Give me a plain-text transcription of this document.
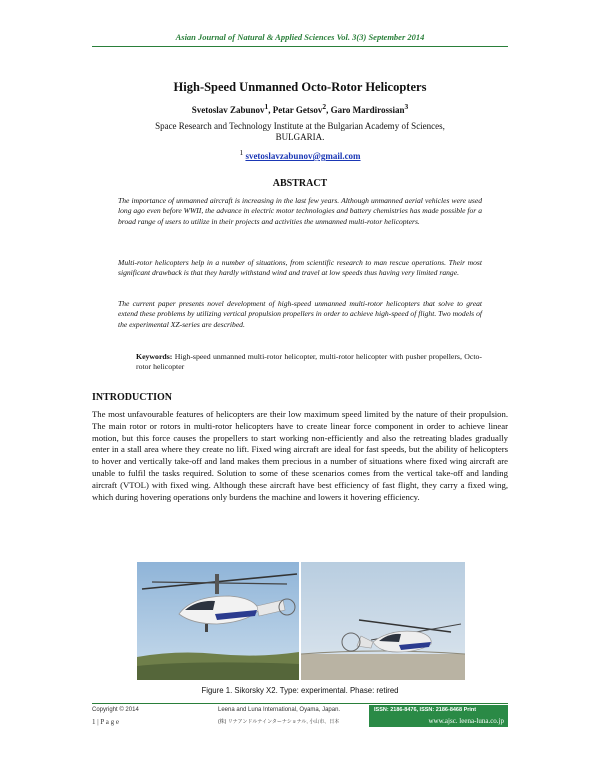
Asian Journal of Natural & Applied Sciences Vol. 3(3) September 2014
High-Speed Unmanned Octo-Rotor Helicopters
Svetoslav Zabunov$^1$, Petar Getsov$^2$, Garo Mardirossian$^3$
Space Research and Technology Institute at the Bulgarian Academy of Sciences,
BULGARIA.
$^1$ svetoslavzabunov@gmail.com
ABSTRACT

The importance of unmanned aircraft is increasing in the last few years. Although unmanned aerial vehicles were used long ago even before WWII, the advance in electric motor technologies and battery chemistries has made possible for a broad range of users to utilize in their projects and activities the unmanned multi-rotor helicopters.

Multi-rotor helicopters help in a number of situations, from scientific research to man rescue operations. Their most significant drawback is that they hardly withstand wind and travel at low speeds thus having very limited range.

The current paper presents novel development of high-speed unmanned multi-rotor helicopters that solve to great extend these problems by utilizing vertical propulsion propellers in order to achieve high-speed of flight. Two models of the experimental XZ-series are described.

Keywords: High-speed unmanned multi-rotor helicopter, multi-rotor helicopter with pusher propellers, Octo-rotor helicopter

INTRODUCTION

The most unfavourable features of helicopters are their low maximum speed limited by the nature of their propulsion. The main rotor or rotors in multi-rotor helicopters have to create linear force component in order to achieve linear motion, but this force causes the propellers to start working non-efficiently and also the retreating blades gradually enter in a stall area where they create no lift. Fixed wing aircraft are ideal for fast speeds, but the ability of helicopters to hover and vertically take-off and land makes them precious in a number of situations where fixed wing aircraft are unable to fulfil the tasks required. Solution to some of these scenarios comes from the vertical take-off and landing aircraft (VTOL) with fixed wing. Although these aircraft have best efficiency of fast flight, they carry a fixed wing, which during hovering operations only burdens the machine and lowers it hovering efficiency.

Figure 1. Sikorsky X2. Type: experimental. Phase: retired
Copyright © 2014
1 | P a g e
Leena and Luna International, Oyama, Japan.
(株) リナアンドルナインターナショナル, 小山市、日本
ISSN: 2186-8476, ISSN: 2186-8468 Print
www.ajsc. leena-luna.co.jp
